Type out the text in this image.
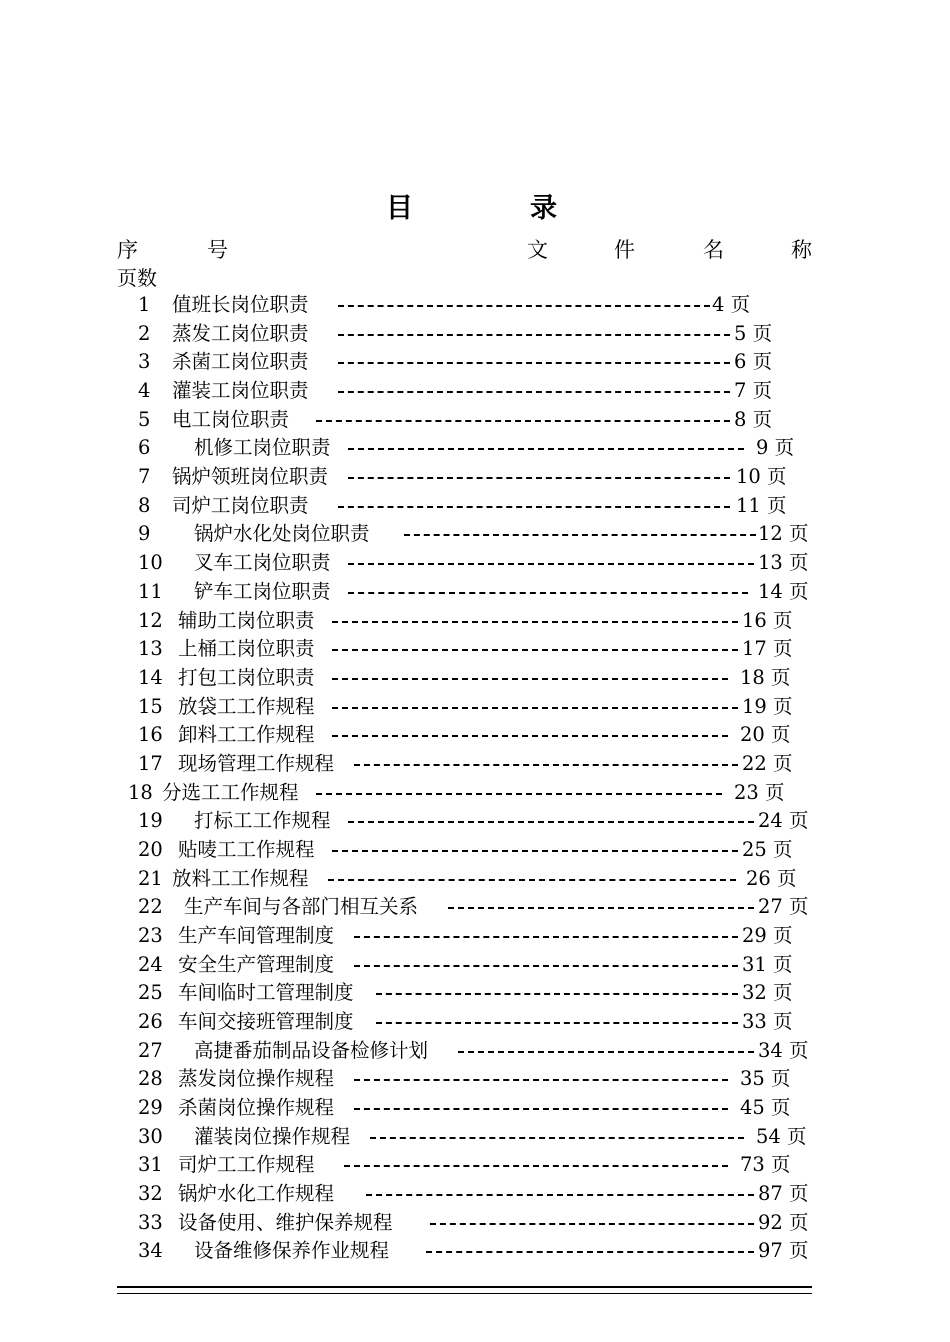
目	录
序	号	文	件	名	称
页数
1 值班长岗位职责	4 页
2 蒸发工岗位职责	5 页
3 杀菌工岗位职责	6 页
4 灌装工岗位职责	7 页
5 电工岗位职责	8 页
6 机修工岗位职责	9 页
7 锅炉领班岗位职责	10 页
8 司炉工岗位职责	11 页
9 锅炉水化处岗位职责	12 页
10 叉车工岗位职责	13 页
11 铲车工岗位职责	14 页
12 辅助工岗位职责	16 页
13 上桶工岗位职责	17 页
14 打包工岗位职责	18 页
15 放袋工工作规程	19 页
16 卸料工工作规程	20 页
17 现场管理工作规程	22 页
18 分选工工作规程	23 页
19 打标工工作规程	24 页
20 贴唛工工作规程	25 页
21 放料工工作规程	26 页
22 生产车间与各部门相互关系	27 页
23 生产车间管理制度	29 页
24 安全生产管理制度	31 页
25 车间临时工管理制度	32 页
26 车间交接班管理制度	33 页
27 高捷番茄制品设备检修计划	34 页
28 蒸发岗位操作规程	35 页
29 杀菌岗位操作规程	45 页
30 灌装岗位操作规程	54 页
31 司炉工工作规程	73 页
32 锅炉水化工作规程	87 页
33 设备使用、维护保养规程	92 页
34 设备维修保养作业规程	97 页
